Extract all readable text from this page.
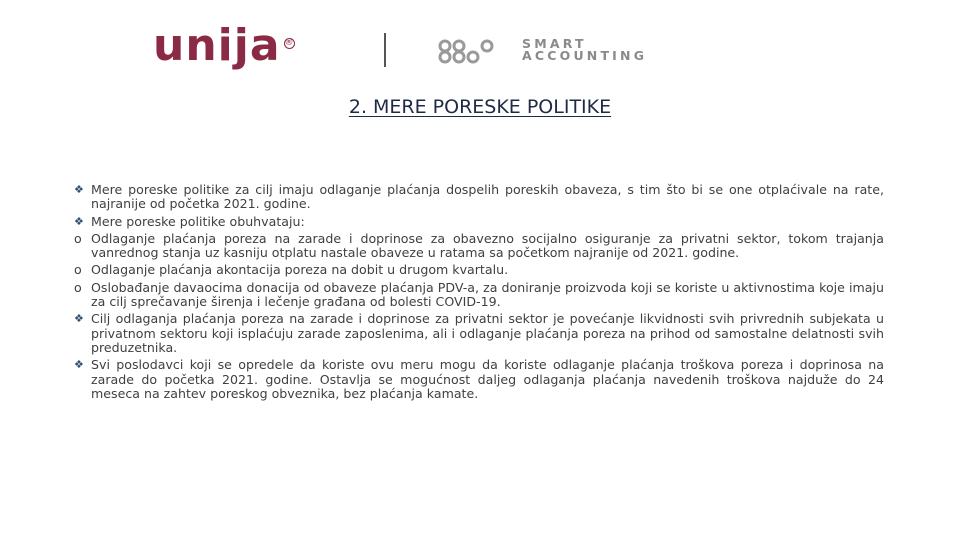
unija ®	SMART
ACCOUNTING
2. MERE PORESKE POLITIKE
❖ Mere poreske politike za cilj imaju odlaganje plaćanja dospelih poreskih obaveza, s tim što bi se one otplaćivale na rate, najranije od početka 2021. godine.
❖ Mere poreske politike obuhvataju:
o Odlaganje plaćanja poreza na zarade i doprinose za obavezno socijalno osiguranje za privatni sektor, tokom trajanja vanrednog stanja uz kasniju otplatu nastale obaveze u ratama sa početkom najranije od 2021. godine.
o Odlaganje plaćanja akontacija poreza na dobit u drugom kvartalu.
o Oslobađanje davaocima donacija od obaveze plaćanja PDV-a, za doniranje proizvoda koji se koriste u aktivnostima koje imaju za cilj sprečavanje širenja i lečenje građana od bolesti COVID-19.
❖ Cilj odlaganja plaćanja poreza na zarade i doprinose za privatni sektor je povećanje likvidnosti svih privrednih subjekata u privatnom sektoru koji isplaćuju zarade zaposlenima, ali i odlaganje plaćanja poreza na prihod od samostalne delatnosti svih preduzetnika.
❖ Svi poslodavci koji se opredele da koriste ovu meru mogu da koriste odlaganje plaćanja troškova poreza i doprinosa na zarade do početka 2021. godine. Ostavlja se mogućnost daljeg odlaganja plaćanja navedenih troškova najduže do 24 meseca na zahtev poreskog obveznika, bez plaćanja kamate.
